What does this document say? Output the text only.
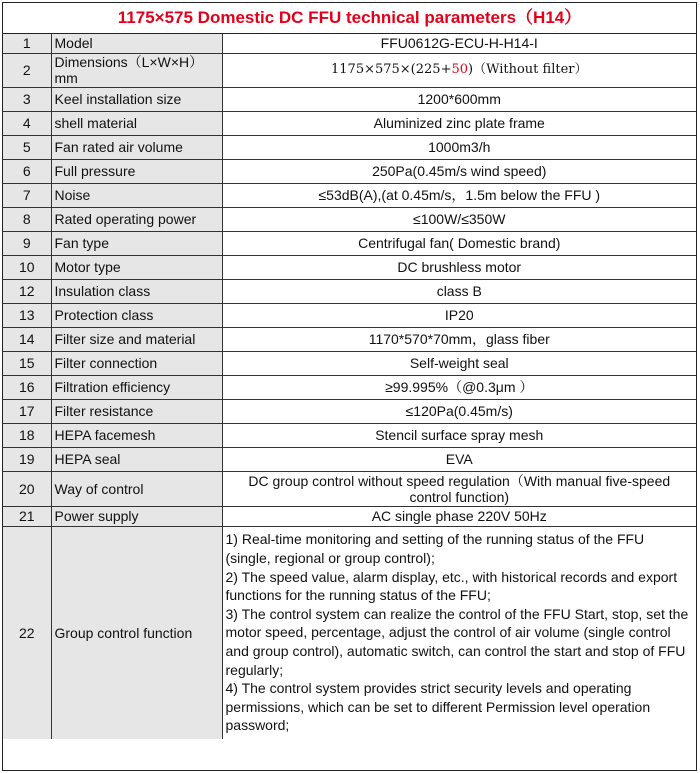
1175×575 Domestic DC FFU technical parameters（H14）
1	Model	FFU0612G-ECU-H-H14-I
2	Dimensions（L×W×H）mm	1175×575×(225+50)（Without filter）
3	Keel installation size	1200*600mm
4	shell material	Aluminized zinc plate frame
5	Fan rated air volume	1000m3/h
6	Full pressure	250Pa(0.45m/s wind speed)
7	Noise	≤53dB(A),(at 0.45m/s，1.5m below the FFU )
8	Rated operating power	≤100W/≤350W
9	Fan type	Centrifugal fan( Domestic brand)
10	Motor type	DC brushless motor
12	Insulation class	class B
13	Protection class	IP20
14	Filter size and material	1170*570*70mm，glass fiber
15	Filter connection	Self-weight seal
16	Filtration efficiency	≥99.995%（@0.3μm ）
17	Filter resistance	≤120Pa(0.45m/s)
18	HEPA facemesh	Stencil surface spray mesh
19	HEPA seal	EVA
20	Way of control	DC group control without speed regulation（With manual five-speed control function)
21	Power supply	AC single phase 220V 50Hz
22	Group control function	1) Real-time monitoring and setting of the running status of the FFU (single, regional or group control);
2) The speed value, alarm display, etc., with historical records and export functions for the running status of the FFU;
3) The control system can realize the control of the FFU Start, stop, set the motor speed, percentage, adjust the control of air volume (single control and group control), automatic switch, can control the start and stop of FFU regularly;
4) The control system provides strict security levels and operating permissions, which can be set to different Permission level operation password;
